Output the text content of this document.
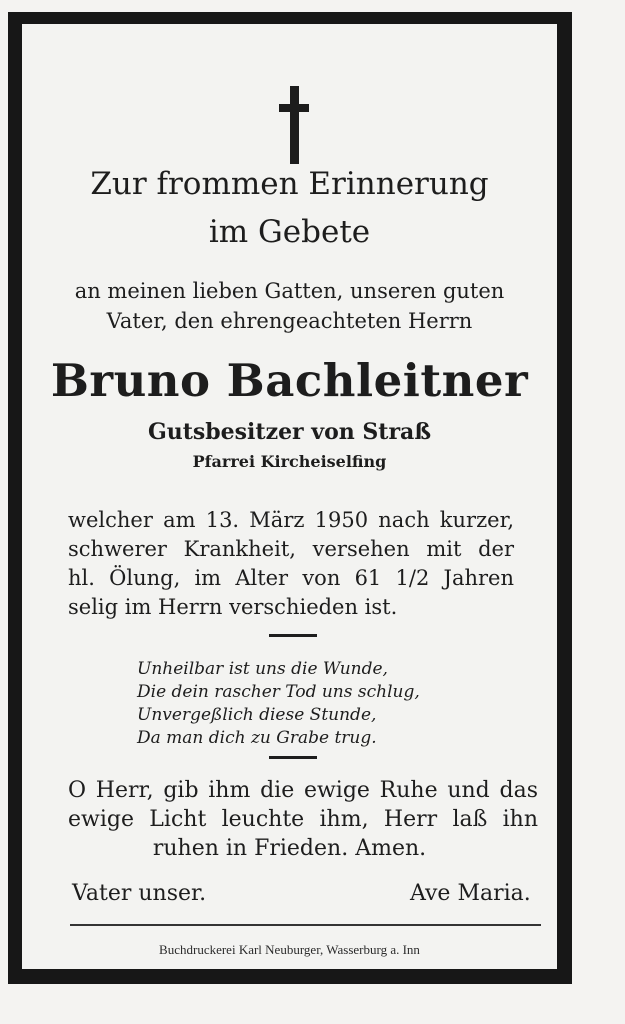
Zur frommen Erinnerung
im Gebete
an meinen lieben Gatten, unseren guten
Vater, den ehrengeachteten Herrn
Bruno Bachleitner
Gutsbesitzer von Straß
Pfarrei Kircheiselfing
welcher am 13. März 1950 nach kurzer,
schwerer Krankheit, versehen mit der
hl. Ölung, im Alter von 61 1/2 Jahren
selig im Herrn verschieden ist.
Unheilbar ist uns die Wunde,
Die dein rascher Tod uns schlug,
Unvergeßlich diese Stunde,
Da man dich zu Grabe trug.
O Herr, gib ihm die ewige Ruhe und das
ewige Licht leuchte ihm, Herr laß ihn
ruhen in Frieden. Amen.
Vater unser.	Ave Maria.
Buchdruckerei Karl Neuburger, Wasserburg a. Inn
